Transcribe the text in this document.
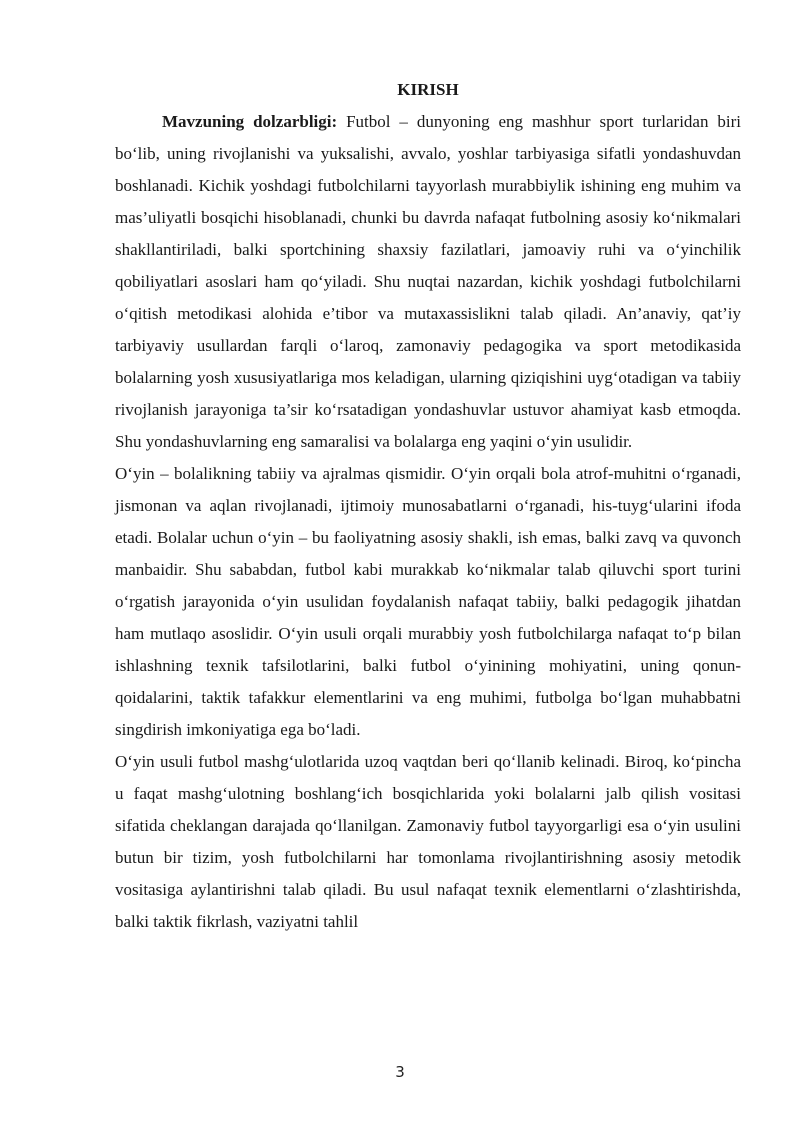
KIRISH

Mavzuning dolzarbligi: Futbol – dunyoning eng mashhur sport turlaridan biri boʻlib, uning rivojlanishi va yuksalishi, avvalo, yoshlar tarbiyasiga sifatli yondashuvdan boshlanadi. Kichik yoshdagi futbolchilarni tayyorlash murabbiylik ishining eng muhim va mas’uliyatli bosqichi hisoblanadi, chunki bu davrda nafaqat futbolning asosiy koʻnikmalari shakllantiriladi, balki sportchining shaxsiy fazilatlari, jamoaviy ruhi va oʻyinchilik qobiliyatlari asoslari ham qoʻyiladi. Shu nuqtai nazardan, kichik yoshdagi futbolchilarni oʻqitish metodikasi alohida e’tibor va mutaxassislikni talab qiladi. An’anaviy, qat’iy tarbiyaviy usullardan farqli oʻlaroq, zamonaviy pedagogika va sport metodikasida bolalarning yosh xususiyatlariga mos keladigan, ularning qiziqishini uygʻotadigan va tabiiy rivojlanish jarayoniga ta’sir koʻrsatadigan yondashuvlar ustuvor ahamiyat kasb etmoqda. Shu yondashuvlarning eng samaralisi va bolalarga eng yaqini oʻyin usulidir.

Oʻyin – bolalikning tabiiy va ajralmas qismidir. Oʻyin orqali bola atrof-muhitni oʻrganadi, jismonan va aqlan rivojlanadi, ijtimoiy munosabatlarni oʻrganadi, his-tuygʻularini ifoda etadi. Bolalar uchun oʻyin – bu faoliyatning asosiy shakli, ish emas, balki zavq va quvonch manbaidir. Shu sababdan, futbol kabi murakkab koʻnikmalar talab qiluvchi sport turini oʻrgatish jarayonida oʻyin usulidan foydalanish nafaqat tabiiy, balki pedagogik jihatdan ham mutlaqo asoslidir. Oʻyin usuli orqali murabbiy yosh futbolchilarga nafaqat toʻp bilan ishlashning texnik tafsilotlarini, balki futbol oʻyinining mohiyatini, uning qonun-qoidalarini, taktik tafakkur elementlarini va eng muhimi, futbolga boʻlgan muhabbatni singdirish imkoniyatiga ega boʻladi.

Oʻyin usuli futbol mashgʻulotlarida uzoq vaqtdan beri qoʻllanib kelinadi. Biroq, koʻpincha u faqat mashgʻulotning boshlangʻich bosqichlarida yoki bolalarni jalb qilish vositasi sifatida cheklangan darajada qoʻllanilgan. Zamonaviy futbol tayyorgarligi esa oʻyin usulini butun bir tizim, yosh futbolchilarni har tomonlama rivojlantirishning asosiy metodik vositasiga aylantirishni talab qiladi. Bu usul nafaqat texnik elementlarni oʻzlashtirishda, balki taktik fikrlash, vaziyatni tahlil

3
